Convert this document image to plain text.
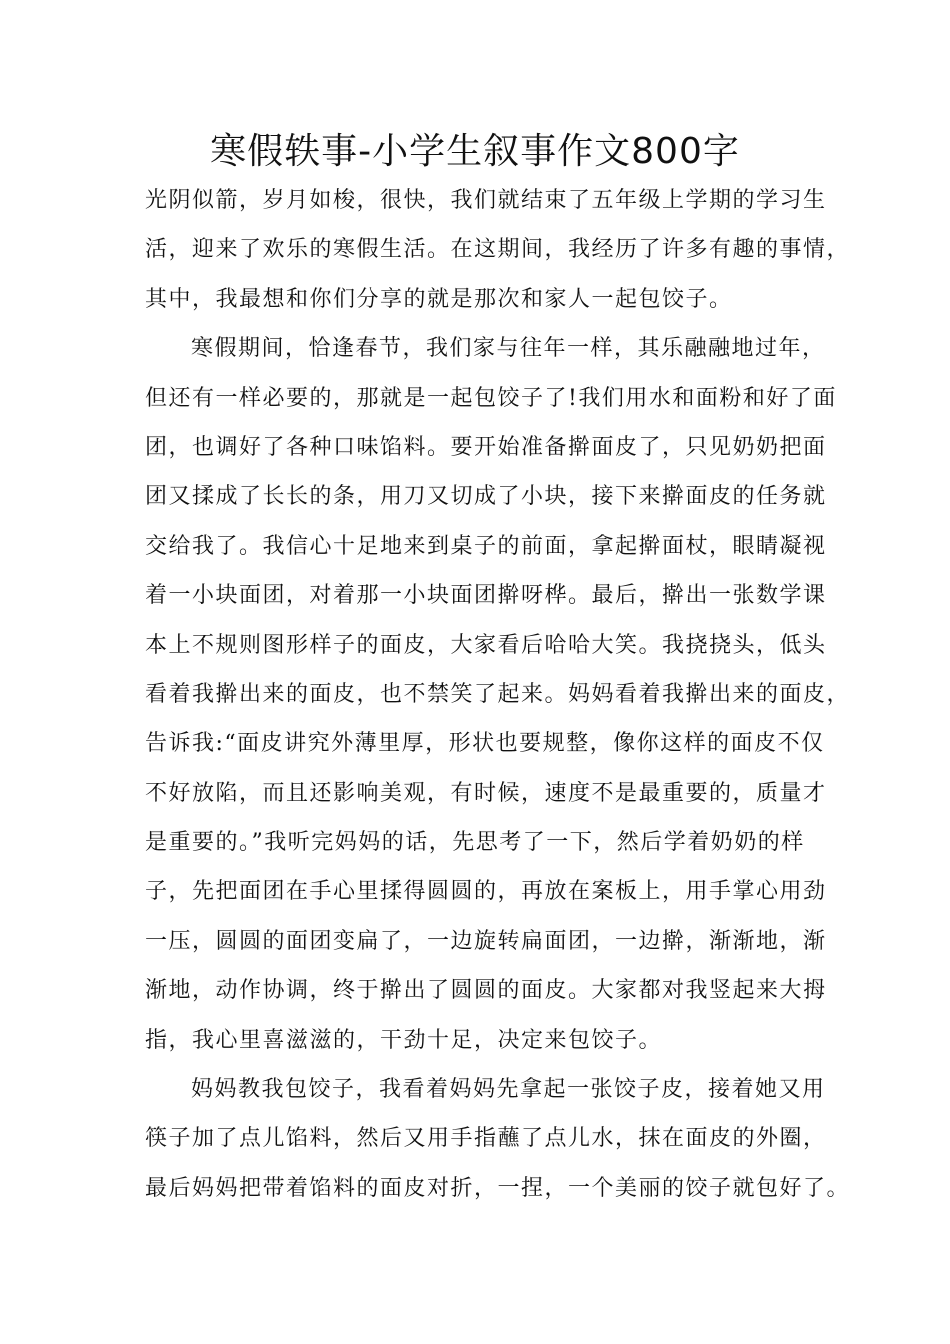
寒假轶事-小学生叙事作文800字
光阴似箭，岁月如梭，很快，我们就结束了五年级上学期的学习生
活，迎来了欢乐的寒假生活。在这期间，我经历了许多有趣的事情，
其中，我最想和你们分享的就是那次和家人一起包饺子。
寒假期间，恰逢春节，我们家与往年一样，其乐融融地过年，
但还有一样必要的，那就是一起包饺子了!我们用水和面粉和好了面
团，也调好了各种口味馅料。要开始准备擀面皮了，只见奶奶把面
团又揉成了长长的条，用刀又切成了小块，接下来擀面皮的任务就
交给我了。我信心十足地来到桌子的前面，拿起擀面杖，眼睛凝视
着一小块面团，对着那一小块面团擀呀桦。最后，擀出一张数学课
本上不规则图形样子的面皮，大家看后哈哈大笑。我挠挠头，低头
看着我擀出来的面皮，也不禁笑了起来。妈妈看着我擀出来的面皮，
告诉我:“面皮讲究外薄里厚，形状也要规整，像你这样的面皮不仅
不好放陷，而且还影响美观，有时候，速度不是最重要的，质量才
是重要的。”我听完妈妈的话，先思考了一下，然后学着奶奶的样
子，先把面团在手心里揉得圆圆的，再放在案板上，用手掌心用劲
一压，圆圆的面团变扁了，一边旋转扁面团，一边擀，渐渐地，渐
渐地，动作协调，终于擀出了圆圆的面皮。大家都对我竖起来大拇
指，我心里喜滋滋的，干劲十足，决定来包饺子。
妈妈教我包饺子，我看着妈妈先拿起一张饺子皮，接着她又用
筷子加了点儿馅料，然后又用手指蘸了点儿水，抹在面皮的外圈，
最后妈妈把带着馅料的面皮对折，一捏，一个美丽的饺子就包好了。
